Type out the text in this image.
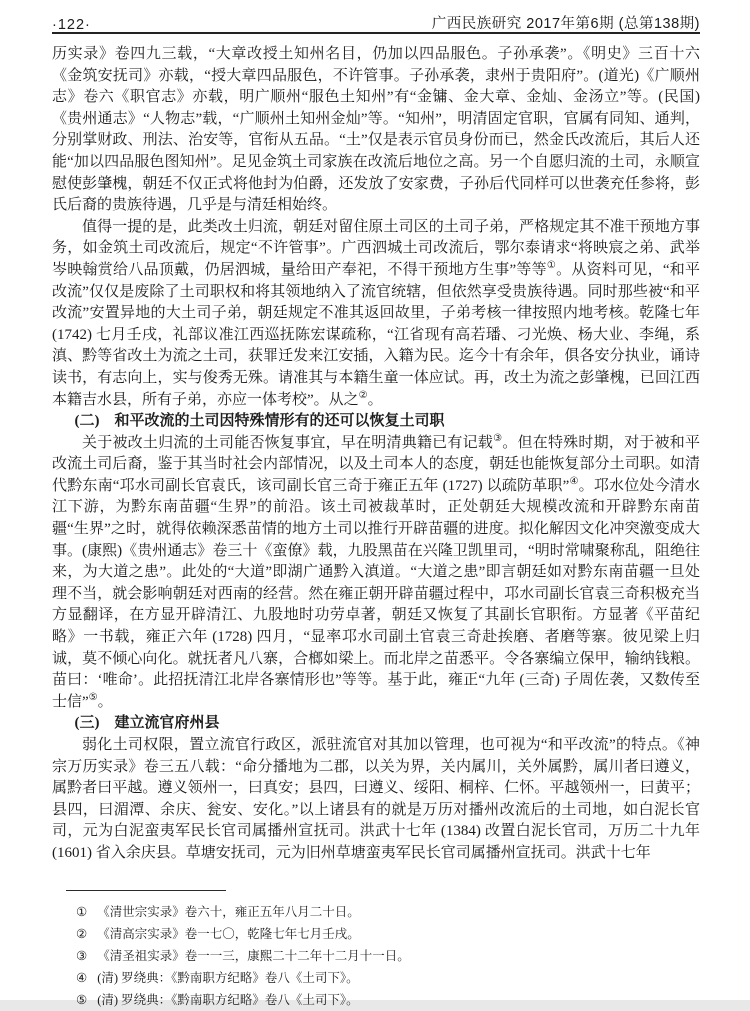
·122·	广西民族研究 2017年第6期 (总第138期)

历实录》卷四九三载，“大章改授土知州名目，仍加以四品服色。子孙承袭”。《明史》三百十六《金筑安抚司》亦载，“授大章四品服色，不许管事。子孙承袭，隶州于贵阳府”。(道光)《广顺州志》卷六《职官志》亦载，明广顺州“服色土知州”有“金镛、金大章、金灿、金汤立”等。(民国)《贵州通志》“人物志”载，“广顺州土知州金灿”等。“知州”，明清固定官职，官属有同知、通判，分别掌财政、刑法、治安等，官衔从五品。“土”仅是表示官员身份而已，然金氏改流后，其后人还能“加以四品服色图知州”。足见金筑土司家族在改流后地位之高。另一个自愿归流的土司，永顺宣慰使彭肇槐，朝廷不仅正式将他封为伯爵，还发放了安家费，子孙后代同样可以世袭充任参将，彭氏后裔的贵族待遇，几乎是与清廷相始终。

值得一提的是，此类改土归流，朝廷对留住原土司区的土司子弟，严格规定其不准干预地方事务，如金筑土司改流后，规定“不许管事”。广西泗城土司改流后，鄂尔泰请求“将映宸之弟、武举岑映翰赏给八品顶戴，仍居泗城，量给田产奉祀，不得干预地方生事”等等①。从资料可见，“和平改流”仅仅是废除了土司职权和将其领地纳入了流官统辖，但依然享受贵族待遇。同时那些被“和平改流”安置异地的大土司子弟，朝廷规定不准其返回故里，子弟考核一律按照内地考核。乾隆七年 (1742) 七月壬戌，礼部议准江西巡抚陈宏谋疏称，“江省现有高若璠、刁光焕、杨大业、李绳，系滇、黔等省改土为流之土司，获罪迁发来江安插，入籍为民。迄今十有余年，俱各安分执业，诵诗读书，有志向上，实与俊秀无殊。请准其与本籍生童一体应试。再，改土为流之彭肇槐，已回江西本籍吉水县，所有子弟，亦应一体考校”。从之②。

(二)　和平改流的土司因特殊情形有的还可以恢复土司职

关于被改土归流的土司能否恢复事宜，早在明清典籍已有记载③。但在特殊时期，对于被和平改流土司后裔，鉴于其当时社会内部情况，以及土司本人的态度，朝廷也能恢复部分土司职。如清代黔东南“邛水司副长官袁氏，该司副长官三奇于雍正五年 (1727) 以疏防革职”④。邛水位处今清水江下游，为黔东南苗疆“生界”的前沿。该土司被裁革时，正处朝廷大规模改流和开辟黔东南苗疆“生界”之时，就得依赖深悉苗情的地方土司以推行开辟苗疆的进度。拟化解因文化冲突激变成大事。(康熙)《贵州通志》卷三十《蛮僚》载，九股黑苗在兴隆卫凯里司，“明时常啸聚称乱，阻绝往来，为大道之患”。此处的“大道”即湖广通黔入滇道。“大道之患”即言朝廷如对黔东南苗疆一旦处理不当，就会影响朝廷对西南的经营。然在雍正朝开辟苗疆过程中，邛水司副长官袁三奇积极充当方显翻译，在方显开辟清江、九股地时功劳卓著，朝廷又恢复了其副长官职衔。方显著《平苗纪略》一书载，雍正六年 (1728) 四月，“显率邛水司副土官袁三奇赴挨磨、者磨等寨。彼见梁上归诚，莫不倾心向化。就抚者凡八寨，合榔如梁上。而北岸之苗悉平。令各寨编立保甲，输纳钱粮。苗曰：‘唯命’。此招抚清江北岸各寨情形也”等等。基于此，雍正“九年 (三奇) 子周佐袭，又数传至士信”⑤。

(三)　建立流官府州县

弱化土司权限，置立流官行政区，派驻流官对其加以管理，也可视为“和平改流”的特点。《神宗万历实录》卷三五八载：“命分播地为二郡，以关为界，关内属川，关外属黔，属川者曰遵义，属黔者曰平越。遵义领州一，曰真安；县四，曰遵义、绥阳、桐梓、仁怀。平越领州一，曰黄平；县四，曰湄潭、余庆、瓮安、安化。”以上诸县有的就是万历对播州改流后的土司地，如白泥长官司，元为白泥蛮夷军民长官司属播州宣抚司。洪武十七年 (1384) 改置白泥长官司，万历二十九年 (1601) 省入余庆县。草塘安抚司，元为旧州草塘蛮夷军民长官司属播州宣抚司。洪武十七年

① 《清世宗实录》卷六十，雍正五年八月二十日。
② 《清高宗实录》卷一七〇，乾隆七年七月壬戌。
③ 《清圣祖实录》卷一一三，康熙二十二年十二月十一日。
④ (清) 罗绕典：《黔南职方纪略》卷八《土司下》。
⑤ (清) 罗绕典：《黔南职方纪略》卷八《土司下》。
